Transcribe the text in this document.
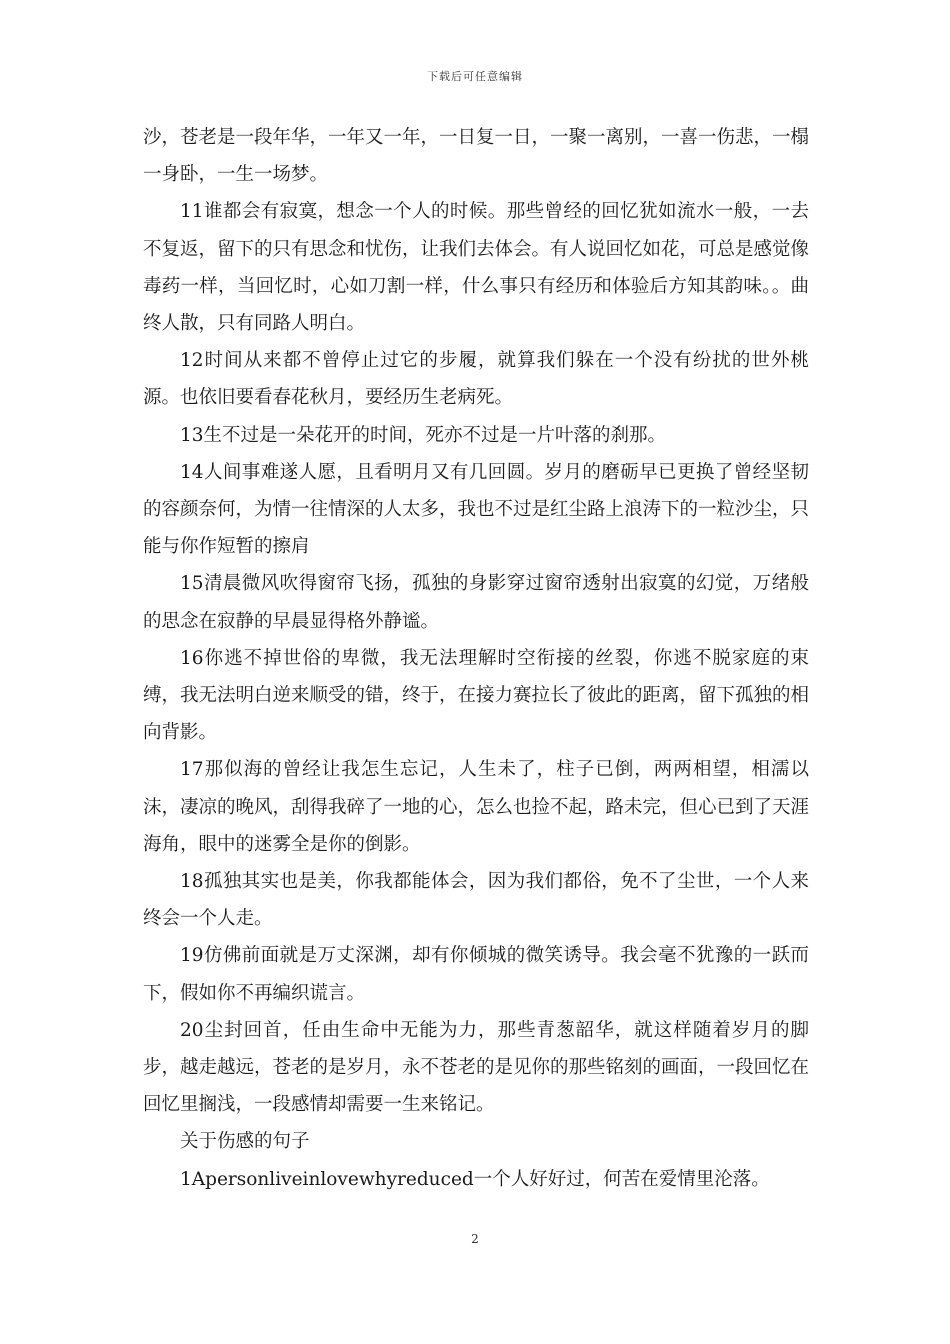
下载后可任意编辑

沙，苍老是一段年华，一年又一年，一日复一日，一聚一离别，一喜一伤悲，一榻一身卧，一生一场梦。

11谁都会有寂寞，想念一个人的时候。那些曾经的回忆犹如流水一般，一去不复返，留下的只有思念和忧伤，让我们去体会。有人说回忆如花，可总是感觉像毒药一样，当回忆时，心如刀割一样，什么事只有经历和体验后方知其韵味。。曲终人散，只有同路人明白。

12时间从来都不曾停止过它的步履，就算我们躲在一个没有纷扰的世外桃源。也依旧要看春花秋月，要经历生老病死。

13生不过是一朵花开的时间，死亦不过是一片叶落的刹那。

14人间事难遂人愿，且看明月又有几回圆。岁月的磨砺早已更换了曾经坚韧的容颜奈何，为情一往情深的人太多，我也不过是红尘路上浪涛下的一粒沙尘，只能与你作短暂的擦肩

15清晨微风吹得窗帘飞扬，孤独的身影穿过窗帘透射出寂寞的幻觉，万绪般的思念在寂静的早晨显得格外静谧。

16你逃不掉世俗的卑微，我无法理解时空衔接的丝裂，你逃不脱家庭的束缚，我无法明白逆来顺受的错，终于，在接力赛拉长了彼此的距离，留下孤独的相向背影。

17那似海的曾经让我怎生忘记，人生未了，柱子已倒，两两相望，相濡以沫，凄凉的晚风，刮得我碎了一地的心，怎么也捡不起，路未完，但心已到了天涯海角，眼中的迷雾全是你的倒影。

18孤独其实也是美，你我都能体会，因为我们都俗，免不了尘世，一个人来终会一个人走。

19仿佛前面就是万丈深渊，却有你倾城的微笑诱导。我会毫不犹豫的一跃而下，假如你不再编织谎言。

20尘封回首，任由生命中无能为力，那些青葱韶华，就这样随着岁月的脚步，越走越远，苍老的是岁月，永不苍老的是见你的那些铭刻的画面，一段回忆在回忆里搁浅，一段感情却需要一生来铭记。

关于伤感的句子

1Apersonliveinlovewhyreduced一个人好好过，何苦在爱情里沦落。

2
